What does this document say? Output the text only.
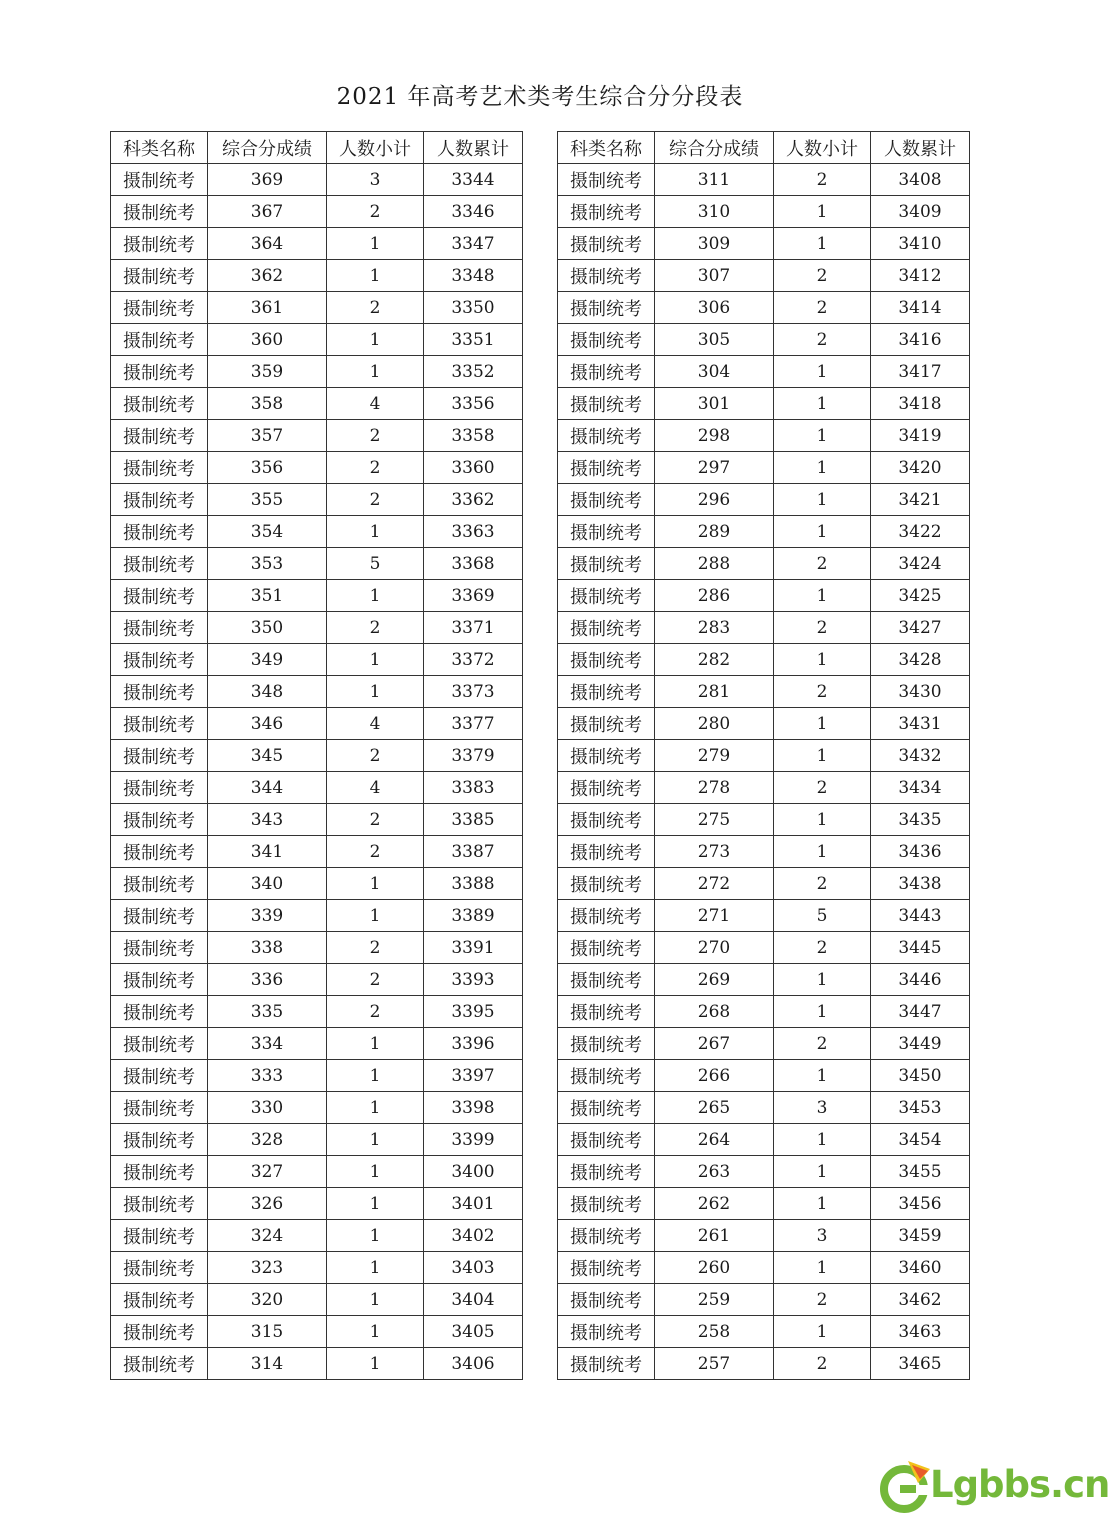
2021 年高考艺术类考生综合分分段表
科类名称	综合分成绩	人数小计	人数累计
摄制统考	369	3	3344
摄制统考	367	2	3346
摄制统考	364	1	3347
摄制统考	362	1	3348
摄制统考	361	2	3350
摄制统考	360	1	3351
摄制统考	359	1	3352
摄制统考	358	4	3356
摄制统考	357	2	3358
摄制统考	356	2	3360
摄制统考	355	2	3362
摄制统考	354	1	3363
摄制统考	353	5	3368
摄制统考	351	1	3369
摄制统考	350	2	3371
摄制统考	349	1	3372
摄制统考	348	1	3373
摄制统考	346	4	3377
摄制统考	345	2	3379
摄制统考	344	4	3383
摄制统考	343	2	3385
摄制统考	341	2	3387
摄制统考	340	1	3388
摄制统考	339	1	3389
摄制统考	338	2	3391
摄制统考	336	2	3393
摄制统考	335	2	3395
摄制统考	334	1	3396
摄制统考	333	1	3397
摄制统考	330	1	3398
摄制统考	328	1	3399
摄制统考	327	1	3400
摄制统考	326	1	3401
摄制统考	324	1	3402
摄制统考	323	1	3403
摄制统考	320	1	3404
摄制统考	315	1	3405
摄制统考	314	1	3406
科类名称	综合分成绩	人数小计	人数累计
摄制统考	311	2	3408
摄制统考	310	1	3409
摄制统考	309	1	3410
摄制统考	307	2	3412
摄制统考	306	2	3414
摄制统考	305	2	3416
摄制统考	304	1	3417
摄制统考	301	1	3418
摄制统考	298	1	3419
摄制统考	297	1	3420
摄制统考	296	1	3421
摄制统考	289	1	3422
摄制统考	288	2	3424
摄制统考	286	1	3425
摄制统考	283	2	3427
摄制统考	282	1	3428
摄制统考	281	2	3430
摄制统考	280	1	3431
摄制统考	279	1	3432
摄制统考	278	2	3434
摄制统考	275	1	3435
摄制统考	273	1	3436
摄制统考	272	2	3438
摄制统考	271	5	3443
摄制统考	270	2	3445
摄制统考	269	1	3446
摄制统考	268	1	3447
摄制统考	267	2	3449
摄制统考	266	1	3450
摄制统考	265	3	3453
摄制统考	264	1	3454
摄制统考	263	1	3455
摄制统考	262	1	3456
摄制统考	261	3	3459
摄制统考	260	1	3460
摄制统考	259	2	3462
摄制统考	258	1	3463
摄制统考	257	2	3465
Lgbbs.cn
